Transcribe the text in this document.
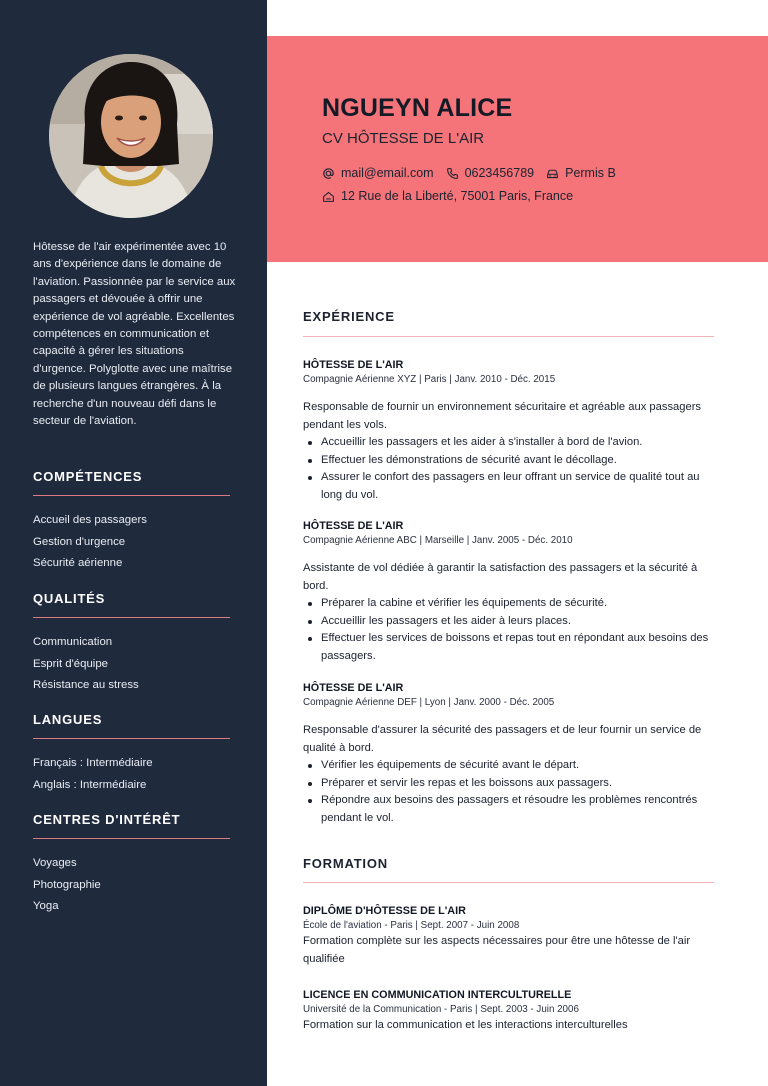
Hôtesse de l'air expérimentée avec 10 ans d'expérience dans le domaine de l'aviation. Passionnée par le service aux passagers et dévouée à offrir une expérience de vol agréable. Excellentes compétences en communication et capacité à gérer les situations d'urgence. Polyglotte avec une maîtrise de plusieurs langues étrangères. À la recherche d'un nouveau défi dans le secteur de l'aviation.
COMPÉTENCES
Accueil des passagers
Gestion d'urgence
Sécurité aérienne
QUALITÉS
Communication
Esprit d'équipe
Résistance au stress
LANGUES
Français : Intermédiaire
Anglais : Intermédiaire
CENTRES D'INTÉRÊT
Voyages
Photographie
Yoga
NGUEYN ALICE
CV HÔTESSE DE L'AIR
mail@email.com 0623456789 Permis B
12 Rue de la Liberté, 75001 Paris, France
EXPÉRIENCE
HÔTESSE DE L'AIR
Compagnie Aérienne XYZ | Paris | Janv. 2010 - Déc. 2015
Responsable de fournir un environnement sécuritaire et agréable aux passagers pendant les vols.
Accueillir les passagers et les aider à s'installer à bord de l'avion.
Effectuer les démonstrations de sécurité avant le décollage.
Assurer le confort des passagers en leur offrant un service de qualité tout au long du vol.
HÔTESSE DE L'AIR
Compagnie Aérienne ABC | Marseille | Janv. 2005 - Déc. 2010
Assistante de vol dédiée à garantir la satisfaction des passagers et la sécurité à bord.
Préparer la cabine et vérifier les équipements de sécurité.
Accueillir les passagers et les aider à leurs places.
Effectuer les services de boissons et repas tout en répondant aux besoins des passagers.
HÔTESSE DE L'AIR
Compagnie Aérienne DEF | Lyon | Janv. 2000 - Déc. 2005
Responsable d'assurer la sécurité des passagers et de leur fournir un service de qualité à bord.
Vérifier les équipements de sécurité avant le départ.
Préparer et servir les repas et les boissons aux passagers.
Répondre aux besoins des passagers et résoudre les problèmes rencontrés pendant le vol.
FORMATION
DIPLÔME D'HÔTESSE DE L'AIR
École de l'aviation - Paris | Sept. 2007 - Juin 2008
Formation complète sur les aspects nécessaires pour être une hôtesse de l'air qualifiée
LICENCE EN COMMUNICATION INTERCULTURELLE
Université de la Communication - Paris | Sept. 2003 - Juin 2006
Formation sur la communication et les interactions interculturelles
